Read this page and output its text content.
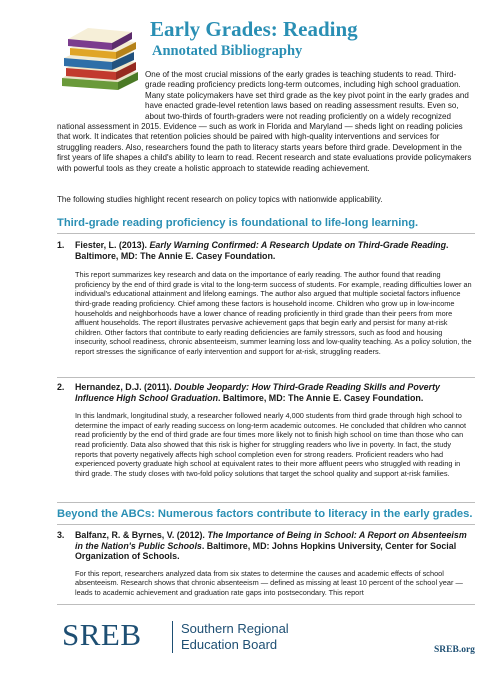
Early Grades: Reading
Annotated Bibliography
One of the most crucial missions of the early grades is teaching students to read. Third-grade reading proficiency predicts long-term outcomes, including high school graduation. Many state policymakers have set third grade as the key pivot point in the early grades and have enacted grade-level retention laws based on reading assessment results. Even so, about two-thirds of fourth-graders were not reading proficiently on a widely recognized national assessment in 2015. Evidence — such as work in Florida and Maryland — sheds light on reading policies that work. It indicates that retention policies should be paired with high-quality interventions and services for struggling readers. Also, researchers found the path to literacy starts years before third grade. Development in the first years of life shapes a child's ability to learn to read. Recent research and state evaluations provide policymakers with powerful tools as they create a holistic approach to statewide reading achievement.
The following studies highlight recent research on policy topics with nationwide applicability.
Third-grade reading proficiency is foundational to life-long learning.
1.	Fiester, L. (2013). Early Warning Confirmed: A Research Update on Third-Grade Reading. Baltimore, MD: The Annie E. Casey Foundation.
This report summarizes key research and data on the importance of early reading. The author found that reading proficiency by the end of third grade is vital to the long-term success of students. For example, reading difficulties lower an individual's educational attainment and lifelong earnings. The author also argued that multiple societal factors influence third-grade reading proficiency. Chief among these factors is household income. Children who grow up in low-income households and neighborhoods have a lower chance of reading proficiently in third grade than their peers from more affluent households. The report illustrates pervasive achievement gaps that begin early and persist for many at-risk children. Other factors that contribute to early reading deficiencies are family stressors, such as food and housing insecurity, school readiness, chronic absenteeism, summer learning loss and low-quality teaching. As a policy solution, the report stresses the significance of early intervention and support for at-risk, struggling readers.
2.	Hernandez, D.J. (2011). Double Jeopardy: How Third-Grade Reading Skills and Poverty Influence High School Graduation. Baltimore, MD: The Annie E. Casey Foundation.
In this landmark, longitudinal study, a researcher followed nearly 4,000 students from third grade through high school to determine the impact of early reading success on long-term academic outcomes. He concluded that children who cannot read proficiently by the end of third grade are four times more likely not to finish high school on time than those who can read proficiently. Data also showed that this risk is higher for struggling readers who live in poverty. In fact, the study reports that poverty negatively affects high school completion even for strong readers. Proficient readers who had experienced poverty graduate high school at equivalent rates to their more affluent peers who struggled with reading in third grade. The study closes with two-fold policy solutions that target the school quality and support at-risk families.
Beyond the ABCs: Numerous factors contribute to literacy in the early grades.
3.	Balfanz, R. & Byrnes, V. (2012). The Importance of Being in School: A Report on Absenteeism in the Nation's Public Schools. Baltimore, MD: Johns Hopkins University, Center for Social Organization of Schools.
For this report, researchers analyzed data from six states to determine the causes and academic effects of school absenteeism. Research shows that chronic absenteeism — defined as missing at least 10 percent of the school year — leads to academic achievement and graduation rate gaps into postsecondary. This report
SREB	Southern Regional
Education Board	SREB.org
